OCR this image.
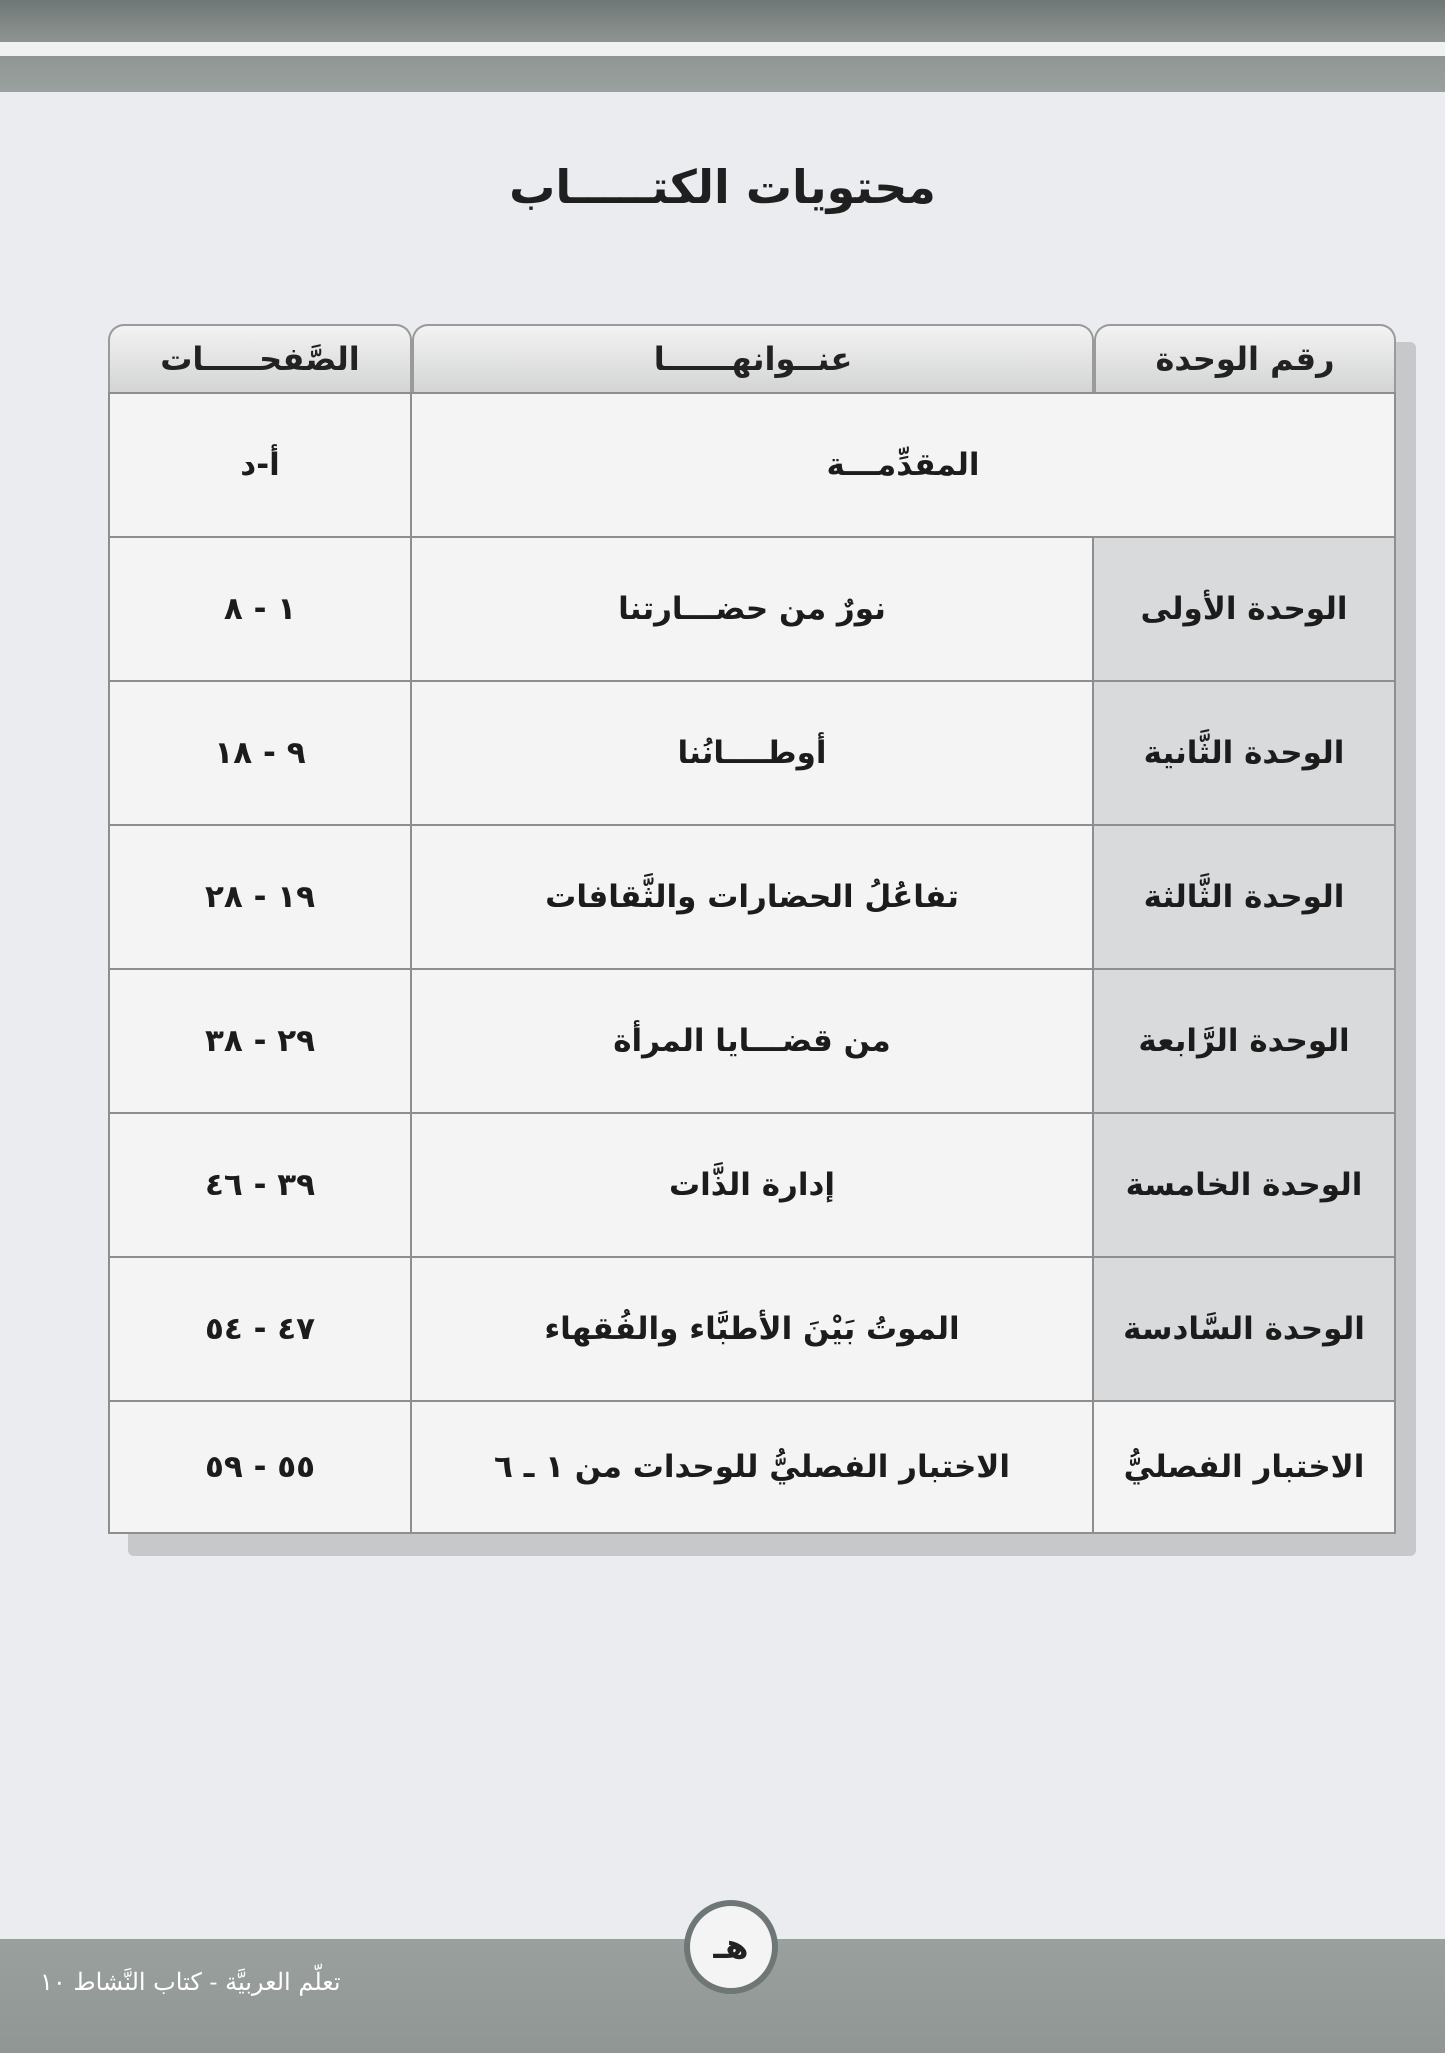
محتويات الكتـــــاب
رقم الوحدة
عنــوانهــــــا
الصَّفحـــــات
المقدِّمـــة
أ-د
الوحدة الأولى
نورٌ من حضـــارتنا
١ - ٨
الوحدة الثَّانية
أوطــــانُنا
٩ - ١٨
الوحدة الثَّالثة
تفاعُلُ الحضارات والثَّقافات
١٩ - ٢٨
الوحدة الرَّابعة
من قضـــايا المرأة
٢٩ - ٣٨
الوحدة الخامسة
إدارة الذَّات
٣٩ - ٤٦
الوحدة السَّادسة
الموتُ بَيْنَ الأطبَّاء والفُقهاء
٤٧ - ٥٤
الاختبار الفصليُّ
الاختبار الفصليُّ للوحدات من ١ ـ ٦
٥٥ - ٥٩
هـ
تعلّم العربيَّة - كتاب النَّشاط ١٠
